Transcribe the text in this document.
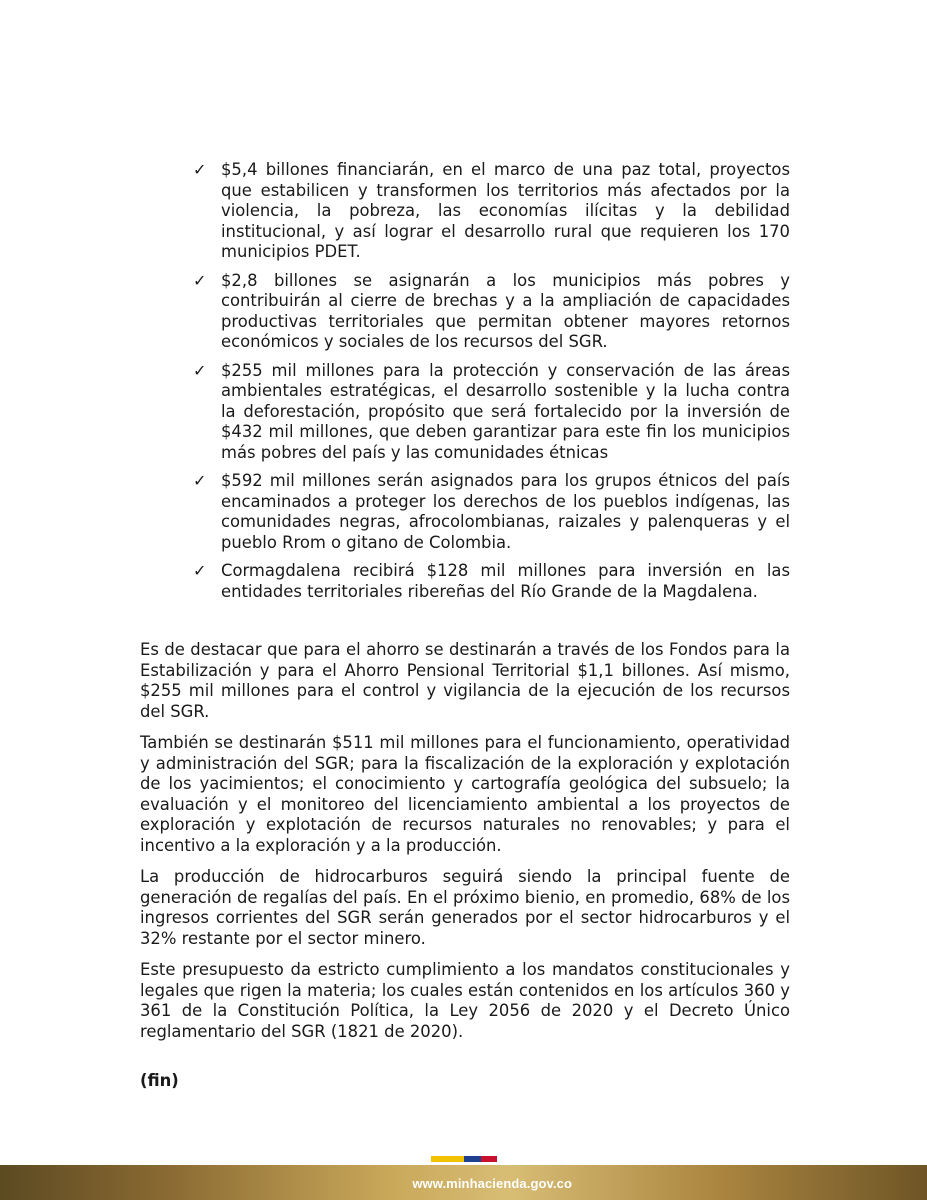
✓ $5,4 billones financiarán, en el marco de una paz total, proyectos que estabilicen y transformen los territorios más afectados por la violencia, la pobreza, las economías ilícitas y la debilidad institucional, y así lograr el desarrollo rural que requieren los 170 municipios PDET.
✓ $2,8 billones se asignarán a los municipios más pobres y contribuirán al cierre de brechas y a la ampliación de capacidades productivas territoriales que permitan obtener mayores retornos económicos y sociales de los recursos del SGR.
✓ $255 mil millones para la protección y conservación de las áreas ambientales estratégicas, el desarrollo sostenible y la lucha contra la deforestación, propósito que será fortalecido por la inversión de $432 mil millones, que deben garantizar para este fin los municipios más pobres del país y las comunidades étnicas
✓ $592 mil millones serán asignados para los grupos étnicos del país encaminados a proteger los derechos de los pueblos indígenas, las comunidades negras, afrocolombianas, raizales y palenqueras y el pueblo Rrom o gitano de Colombia.
✓ Cormagdalena recibirá $128 mil millones para inversión en las entidades territoriales ribereñas del Río Grande de la Magdalena.

Es de destacar que para el ahorro se destinarán a través de los Fondos para la Estabilización y para el Ahorro Pensional Territorial $1,1 billones. Así mismo, $255 mil millones para el control y vigilancia de la ejecución de los recursos del SGR.

También se destinarán $511 mil millones para el funcionamiento, operatividad y administración del SGR; para la fiscalización de la exploración y explotación de los yacimientos; el conocimiento y cartografía geológica del subsuelo; la evaluación y el monitoreo del licenciamiento ambiental a los proyectos de exploración y explotación de recursos naturales no renovables; y para el incentivo a la exploración y a la producción.

La producción de hidrocarburos seguirá siendo la principal fuente de generación de regalías del país. En el próximo bienio, en promedio, 68% de los ingresos corrientes del SGR serán generados por el sector hidrocarburos y el 32% restante por el sector minero.

Este presupuesto da estricto cumplimiento a los mandatos constitucionales y legales que rigen la materia; los cuales están contenidos en los artículos 360 y 361 de la Constitución Política, la Ley 2056 de 2020 y el Decreto Único reglamentario del SGR (1821 de 2020).

(fin)
www.minhacienda.gov.co
